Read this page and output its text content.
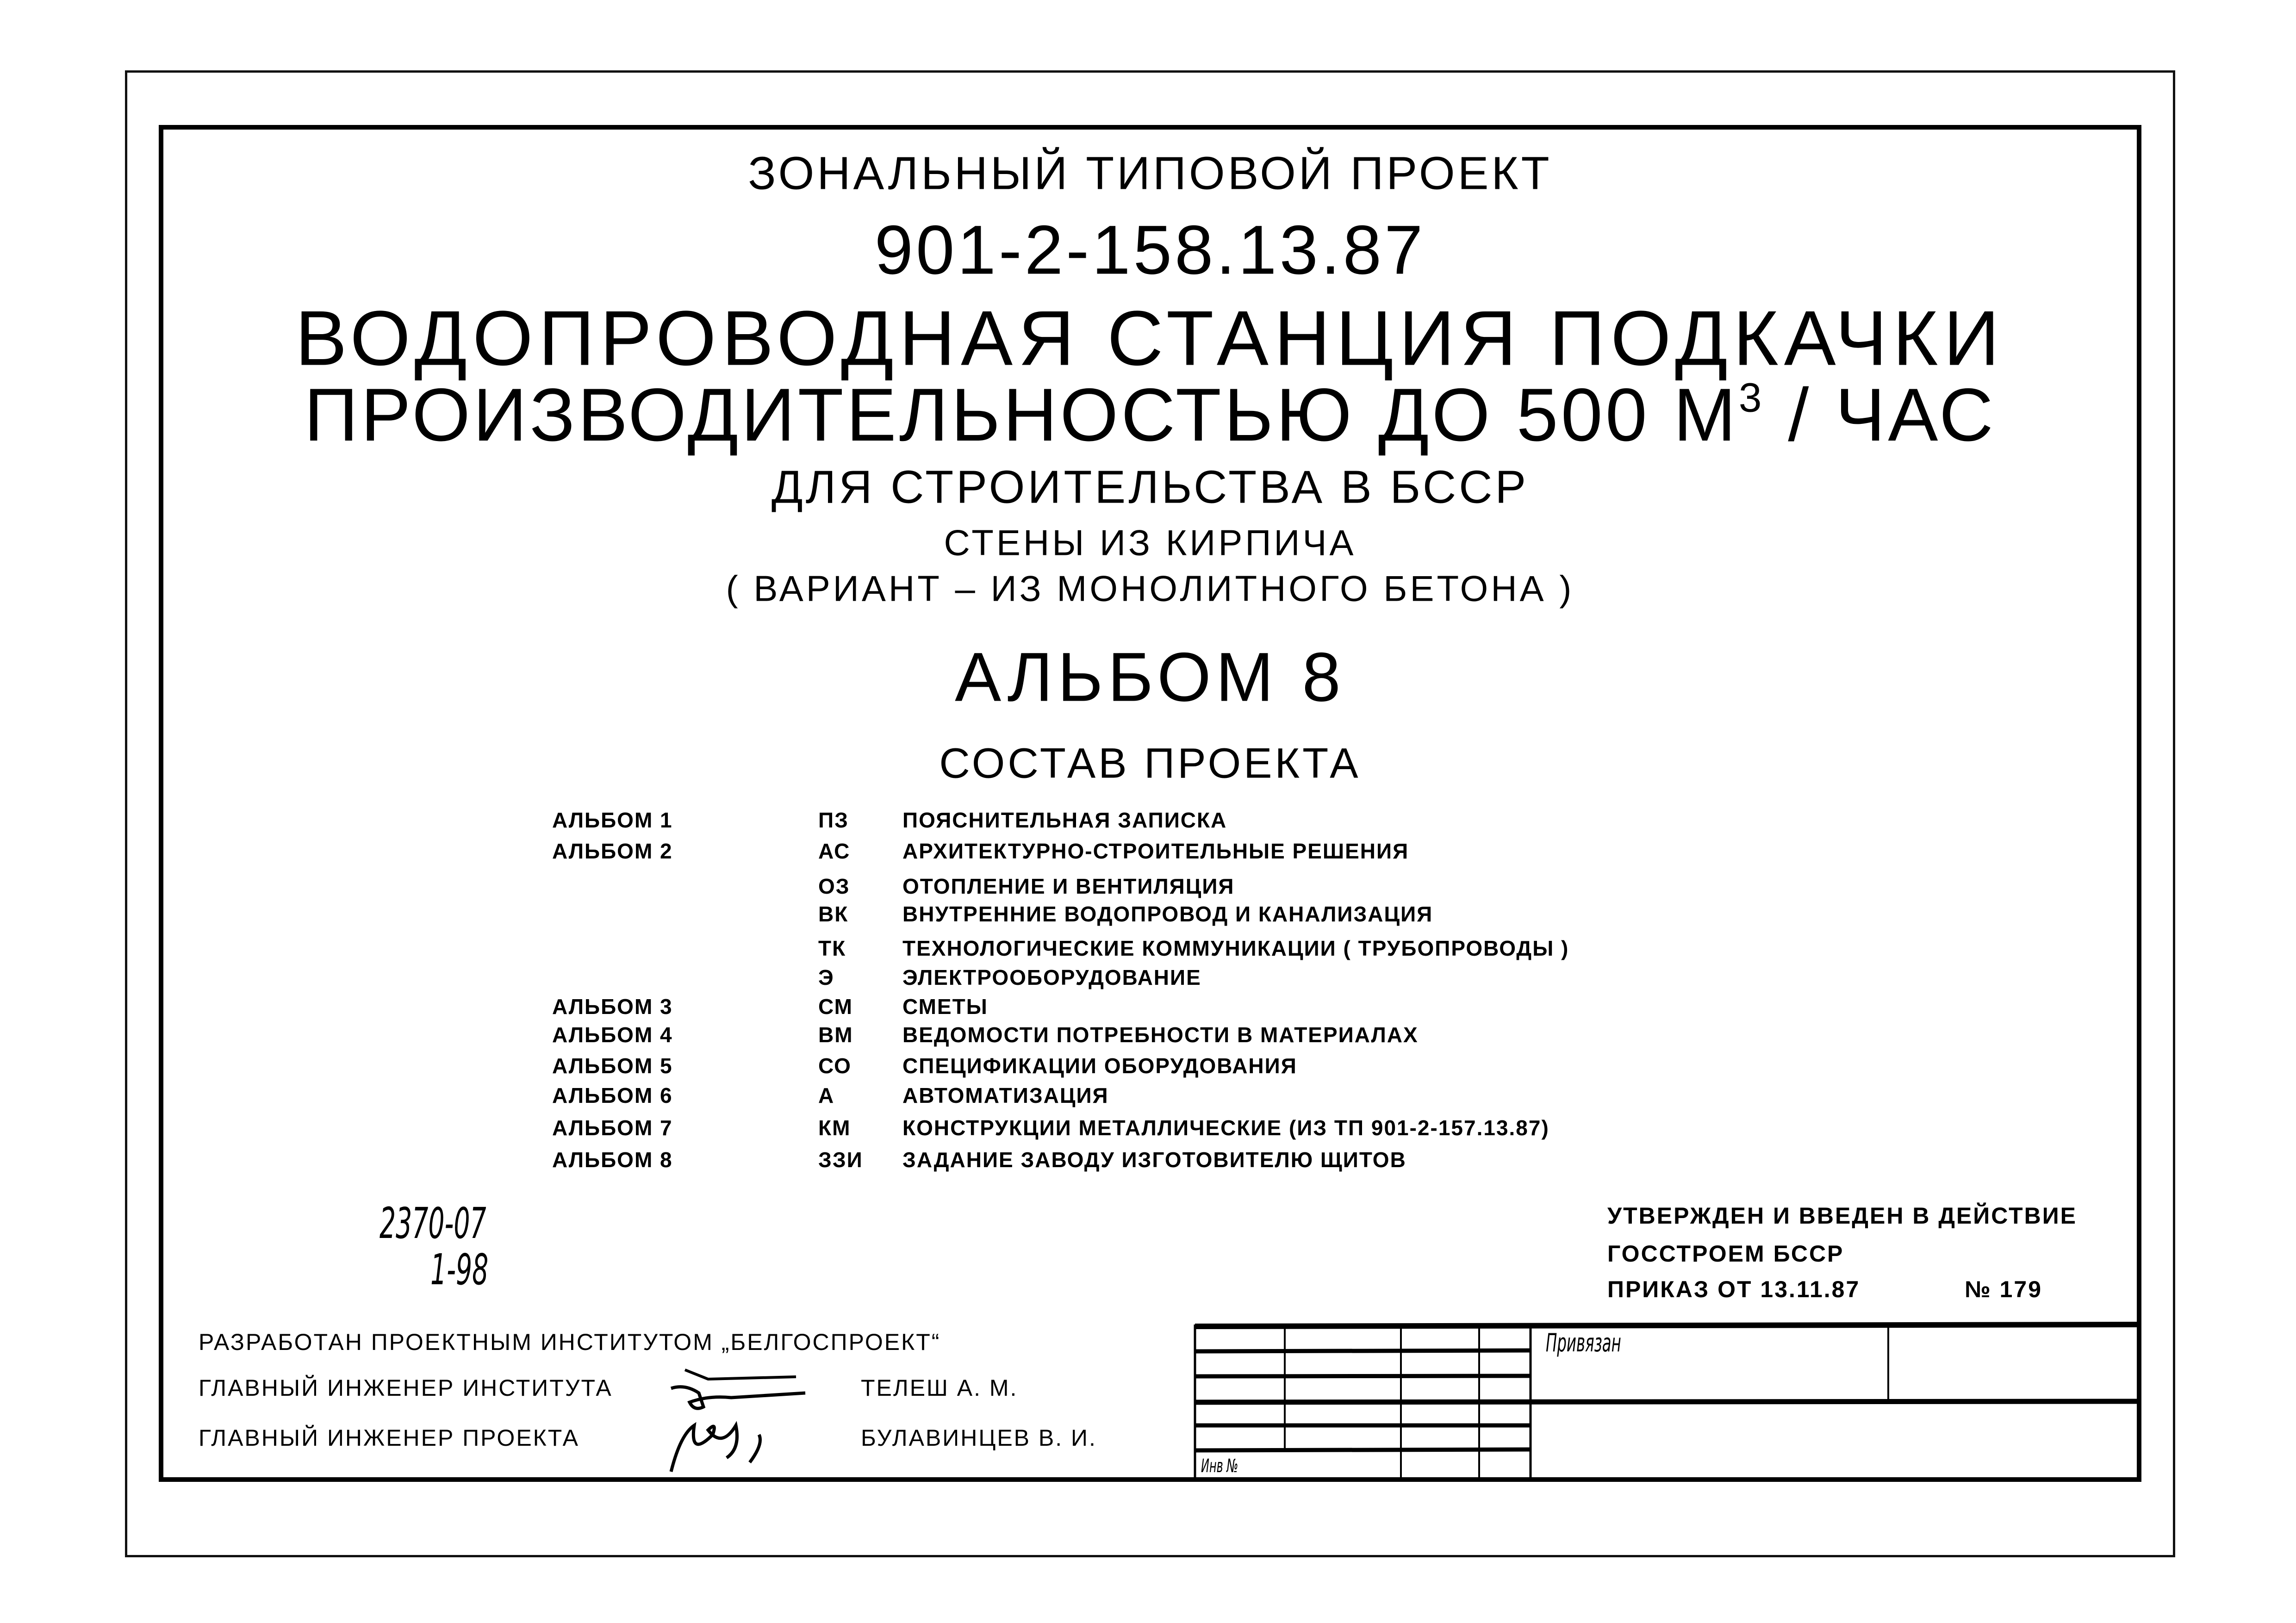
ЗОНАЛЬНЫЙ ТИПОВОЙ ПРОЕКТ
901-2-158.13.87
ВОДОПРОВОДНАЯ СТАНЦИЯ ПОДКАЧКИ
ПРОИЗВОДИТЕЛЬНОСТЬЮ ДО 500 $М^3$ / ЧАС
ДЛЯ СТРОИТЕЛЬСТВА В БССР
СТЕНЫ ИЗ КИРПИЧА
( ВАРИАНТ – ИЗ МОНОЛИТНОГО БЕТОНА )
АЛЬБОМ 8
СОСТАВ ПРОЕКТА
АЛЬБОМ 1	ПЗ	ПОЯСНИТЕЛЬНАЯ ЗАПИСКА
АЛЬБОМ 2	АС АРХИТЕКТУРНО-СТРОИТЕЛЬНЫЕ РЕШЕНИЯ
ОЗ ОТОПЛЕНИЕ И ВЕНТИЛЯЦИЯ
ВК	ВНУТРЕННИЕ ВОДОПРОВОД И КАНАЛИЗАЦИЯ
ТК	ТЕХНОЛОГИЧЕСКИЕ КОММУНИКАЦИИ ( ТРУБОПРОВОДЫ )
Э	ЭЛЕКТРООБОРУДОВАНИЕ
АЛЬБОМ 3	СМ СМЕТЫ
АЛЬБОМ 4	ВМ ВЕДОМОСТИ ПОТРЕБНОСТИ В МАТЕРИАЛАХ
АЛЬБОМ 5	СО СПЕЦИФИКАЦИИ ОБОРУДОВАНИЯ
АЛЬБОМ 6	А	АВТОМАТИЗАЦИЯ
АЛЬБОМ 7	КМ КОНСТРУКЦИИ МЕТАЛЛИЧЕСКИЕ (ИЗ ТП 901-2-157.13.87)
АЛЬБОМ 8	ЗЗИ ЗАДАНИЕ ЗАВОДУ ИЗГОТОВИТЕЛЮ ЩИТОВ
2370-07
1-98
УТВЕРЖДЕН И ВВЕДЕН В ДЕЙСТВИЕ
ГОССТРОЕМ БССР
ПРИКАЗ ОТ 13.11.87	№ 179
РАЗРАБОТАН ПРОЕКТНЫМ ИНСТИТУТОМ „БЕЛГОСПРОЕКТ“
ГЛАВНЫЙ ИНЖЕНЕР ИНСТИТУТА	ТЕЛЕШ А. М.
ГЛАВНЫЙ ИНЖЕНЕР ПРОЕКТА	БУЛАВИНЦЕВ В. И.
Привязан
Инв №
